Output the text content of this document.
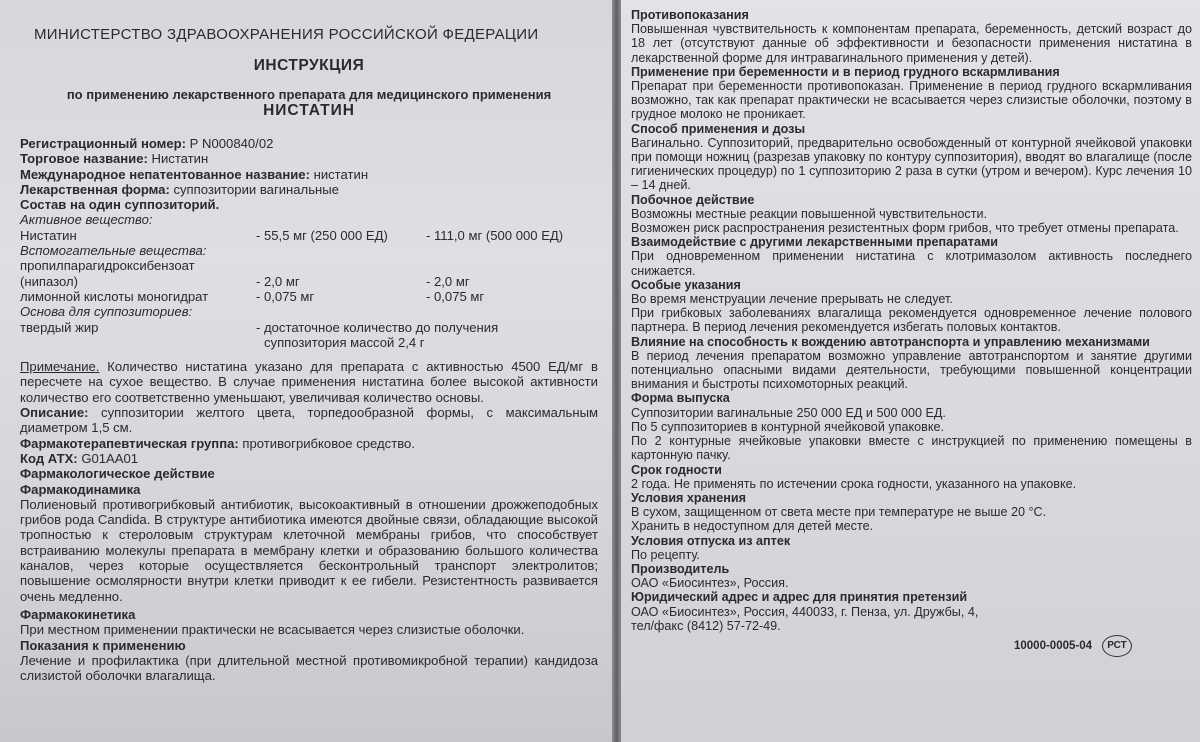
МИНИСТЕРСТВО ЗДРАВООХРАНЕНИЯ РОССИЙСКОЙ ФЕДЕРАЦИИ

ИНСТРУКЦИЯ

по применению лекарственного препарата для медицинского применения

НИСТАТИН

Регистрационный номер: Р N000840/02

Торговое название: Нистатин

Международное непатентованное название: нистатин

Лекарственная форма: суппозитории вагинальные

Состав на один суппозиторий.

Активное вещество:

Нистатин	- 55,5 мг (250 000 ЕД)	- 111,0 мг (500 000 ЕД)

Вспомогательные вещества:

пропилпарагидроксибензоат

(нипазол)	- 2,0 мг	- 2,0 мг
лимонной кислоты моногидрат	- 0,075 мг	- 0,075 мг

Основа для суппозиториев:

твердый жир	- достаточное количество до получения

суппозитория массой 2,4 г

Примечание. Количество нистатина указано для препарата с активностью 4500 ЕД/мг в пересчете на сухое вещество. В случае применения нистатина более высокой активности количество его соответственно уменьшают, увеличивая количество основы.

Описание: суппозитории желтого цвета, торпедообразной формы, с максимальным диаметром 1,5 см.

Фармакотерапевтическая группа: противогрибковое средство.

Код АТХ: G01AA01

Фармакологическое действие

Фармакодинамика

Полиеновый противогрибковый антибиотик, высокоактивный в отношении дрожжеподобных грибов рода Candida. В структуре антибиотика имеются двойные связи, обладающие высокой тропностью к стероловым структурам клеточной мембраны грибов, что способствует встраиванию молекулы препарата в мембрану клетки и образованию большого количества каналов, через которые осуществляется бесконтрольный транспорт электролитов; повышение осмолярности внутри клетки приводит к ее гибели. Резистентность развивается очень медленно.

Фармакокинетика

При местном применении практически не всасывается через слизистые оболочки.

Показания к применению

Лечение и профилактика (при длительной местной противомикробной терапии) кандидоза слизистой оболочки влагалища.

Противопоказания

Повышенная чувствительность к компонентам препарата, беременность, детский возраст до 18 лет (отсутствуют данные об эффективности и безопасности применения нистатина в лекарственной форме для интравагинального применения у детей).

Применение при беременности и в период грудного вскармливания

Препарат при беременности противопоказан. Применение в период грудного вскармливания возможно, так как препарат практически не всасывается через слизистые оболочки, поэтому в грудное молоко не проникает.

Способ применения и дозы

Вагинально. Суппозиторий, предварительно освобожденный от контурной ячейковой упаковки при помощи ножниц (разрезав упаковку по контуру суппозитория), вводят во влагалище (после гигиенических процедур) по 1 суппозиторию 2 раза в сутки (утром и вечером). Курс лечения 10 – 14 дней.

Побочное действие

Возможны местные реакции повышенной чувствительности.

Возможен риск распространения резистентных форм грибов, что требует отмены препарата.

Взаимодействие с другими лекарственными препаратами

При одновременном применении нистатина с клотримазолом активность последнего снижается.

Особые указания

Во время менструации лечение прерывать не следует.

При грибковых заболеваниях влагалища рекомендуется одновременное лечение полового партнера. В период лечения рекомендуется избегать половых контактов.

Влияние на способность к вождению автотранспорта и управлению механизмами

В период лечения препаратом возможно управление автотранспортом и занятие другими потенциально опасными видами деятельности, требующими повышенной концентрации внимания и быстроты психомоторных реакций.

Форма выпуска

Суппозитории вагинальные 250 000 ЕД и 500 000 ЕД.

По 5 суппозиториев в контурной ячейковой упаковке.

По 2 контурные ячейковые упаковки вместе с инструкцией по применению помещены в картонную пачку.

Срок годности

2 года. Не применять по истечении срока годности, указанного на упаковке.

Условия хранения

В сухом, защищенном от света месте при температуре не выше 20 °С.

Хранить в недоступном для детей месте.

Условия отпуска из аптек

По рецепту.

Производитель

ОАО «Биосинтез», Россия.

Юридический адрес и адрес для принятия претензий

ОАО «Биосинтез», Россия, 440033, г. Пенза, ул. Дружбы, 4,

тел/факс (8412) 57-72-49.

10000-0005-04	РСТ
